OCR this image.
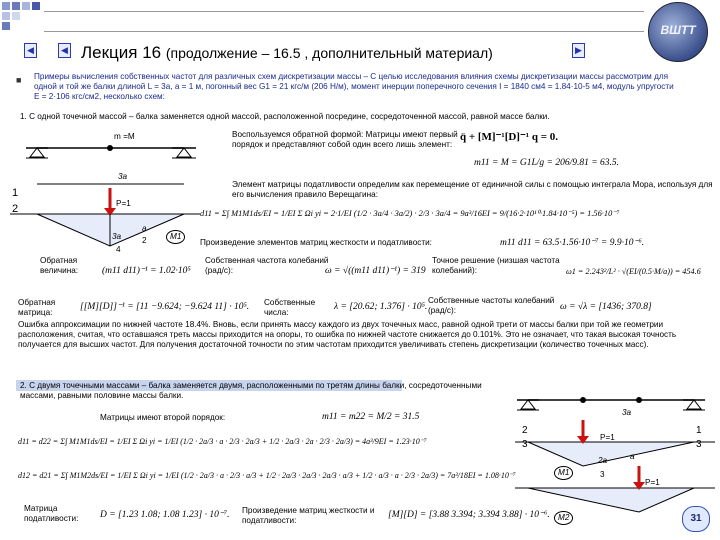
ВШТТ
◀	◀ Лекция 16 (продолжение – 16.5 , дополнительный материал)	▶
■ Примеры вычисления собственных частот для различных схем дискретизации массы – С целью исследования влияния схемы дискретизации массы рассмотрим для одной и той же балки длиной L = 3a, a = 1 м, погонный вес G1 = 21 кгс/м (206 Н/м), момент инерции поперечного сечения I = 1840 см4 = 1.84·10-5 м4, модуль упругости E = 2·106 кгс/см2, несколько схем:
1. С одной точечной массой – балка заменяется одной массой, расположенной посредине, сосредоточенной массой, равной массе балки.
m =M
3a
1
2	P=1
M1
3a
4
a
2
Воспользуемся обратной формой: Матрицы имеют первый порядок и представляют собой один всего лишь элемент:
q̈ + [M]⁻¹[D]⁻¹ q = 0.
m11 = M = G1L/g = 206/9.81 = 63.5.
Элемент матрицы податливости определим как перемещение от единичной силы с помощью интеграла Мора, используя для его вычисления правило Верещагина:
d11 = Σ∫ M1M1ds/EI = 1/EI Σ Ωi yi = 2·1/EI (1/2 · 3a/4 · 3a/2) · 2/3 · 3a/4 = 9a³/16EI = 9/(16·2·10¹⁰·1.84·10⁻⁵) = 1.56·10⁻⁷
Произведение элементов матриц жесткости и податливости:	m11 d11 = 63.5·1.56·10⁻⁷ = 9.9·10⁻⁶.
Обратная величина:	(m11 d11)⁻¹ = 1.02·10⁵
Собственная частота колебаний (рад/с):	ω = √((m11 d11)⁻¹) = 319
Точное решение (низшая частота колебаний):	ω1 = 2.243²/L² · √(EI/(0.5·M/a)) = 454.6
Обратная матрица:
[[M][D]]⁻¹ = [11 −9.624; −9.624 11] · 10⁵. Собственные числа:
λ = [20.62; 1.376] · 10⁵.
Собственные частоты колебаний (рад/с):	ω = √λ = [1436; 370.8]
Ошибка аппроксимации по нижней частоте 18.4%. Вновь, если принять массу каждого из двух точечных масс, равной одной трети от массы балки при той же геометрии расположения, считая, что оставшаяся треть массы приходится на опоры, то ошибка по нижней частоте снижается до 0.101%. Это не означает, что такая высокая точность получается для высших частот. Для получения достаточной точности по этим частотам приходится увеличивать степень дискретизации (количество точечных масс).
2. С двумя точечными массами – балка заменяется двумя, расположенными по третям длины балки, сосредоточенными массами, равными половине массы балки.
Матрицы имеют второй порядок:	m11 = m22 = M/2 = 31.5
d11 = d22 = Σ∫ M1M1ds/EI = 1/EI Σ Ωi yi = 1/EI (1/2 · 2a/3 · a · 2/3 · 2a/3 + 1/2 · 2a/3 · 2a · 2/3 · 2a/3) = 4a³/9EI = 1.23·10⁻⁷
d12 = d21 = Σ∫ M1M2ds/EI = 1/EI Σ Ωi yi = 1/EI (1/2 · 2a/3 · a · 2/3 · a/3 + 1/2 · 2a/3 · 2a/3 · 2a/3 · a/3 + 1/2 · a/3 · a · 2/3 · 2a/3) = 7a³/18EI = 1.08·10⁻⁷
Матрица податливости: D = [1.23 1.08; 1.08 1.23] · 10⁻⁷. Произведение матриц жесткости и податливости:
[M][D] = [3.88 3.394; 3.394 3.88] · 10⁻⁶.
3a
2
3
1
3
P=1
P=1
M1
M2
2a	a
3
31
